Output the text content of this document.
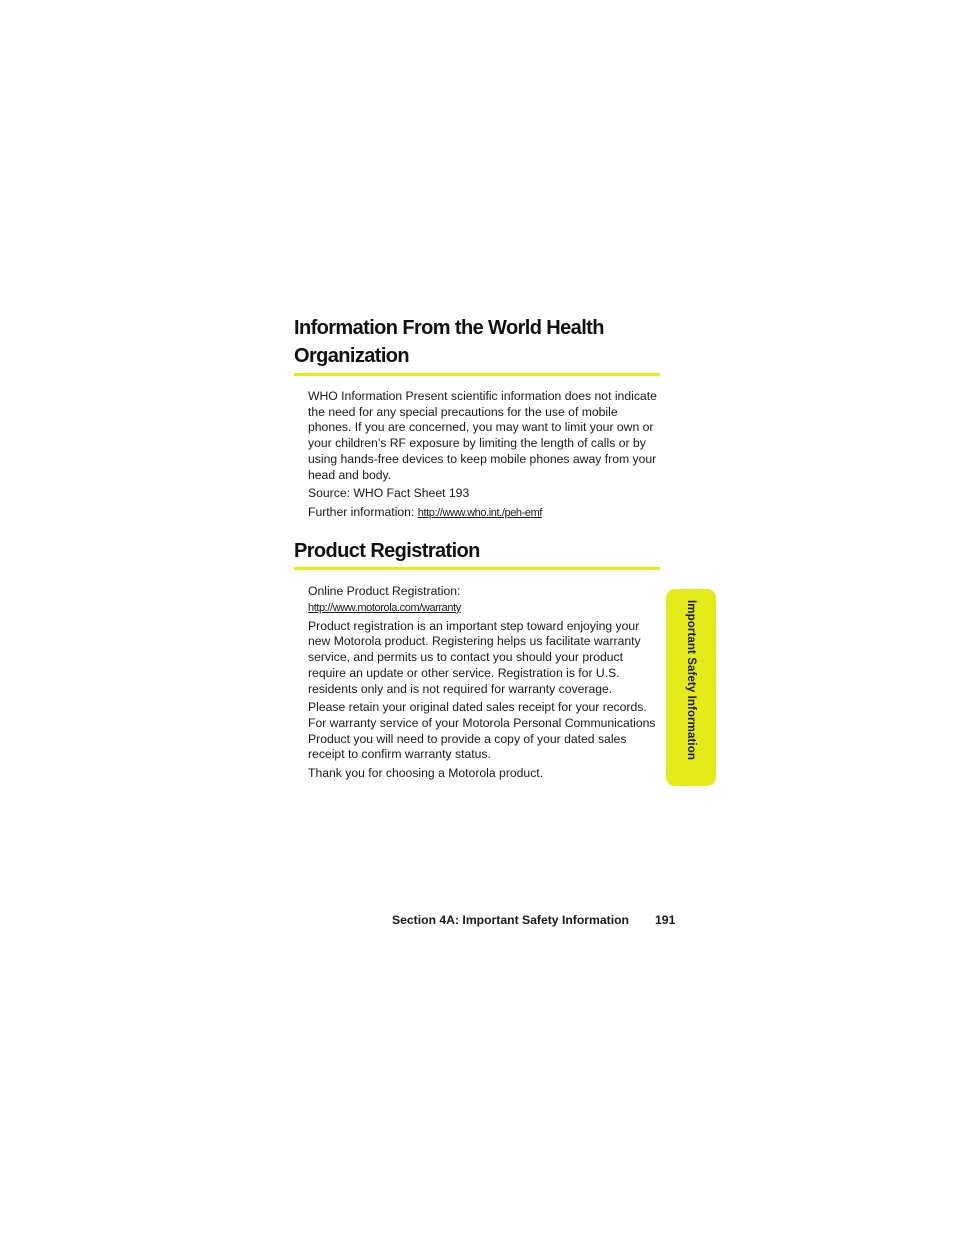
Information From the World Health Organization

WHO Information Present scientific information does not indicate the need for any special precautions for the use of mobile phones. If you are concerned, you may want to limit your own or your children’s RF exposure by limiting the length of calls or by using hands-free devices to keep mobile phones away from your head and body.

Source: WHO Fact Sheet 193

Further information: http://www.who.int./peh-emf

Product Registration

Online Product Registration:

http://www.motorola.com/warranty

Product registration is an important step toward enjoying your new Motorola product. Registering helps us facilitate warranty service, and permits us to contact you should your product require an update or other service. Registration is for U.S. residents only and is not required for warranty coverage.

Please retain your original dated sales receipt for your records. For warranty service of your Motorola Personal Communications Product you will need to provide a copy of your dated sales receipt to confirm warranty status.

Thank you for choosing a Motorola product.

Important Safety Information
Section 4A: Important Safety Information 191
